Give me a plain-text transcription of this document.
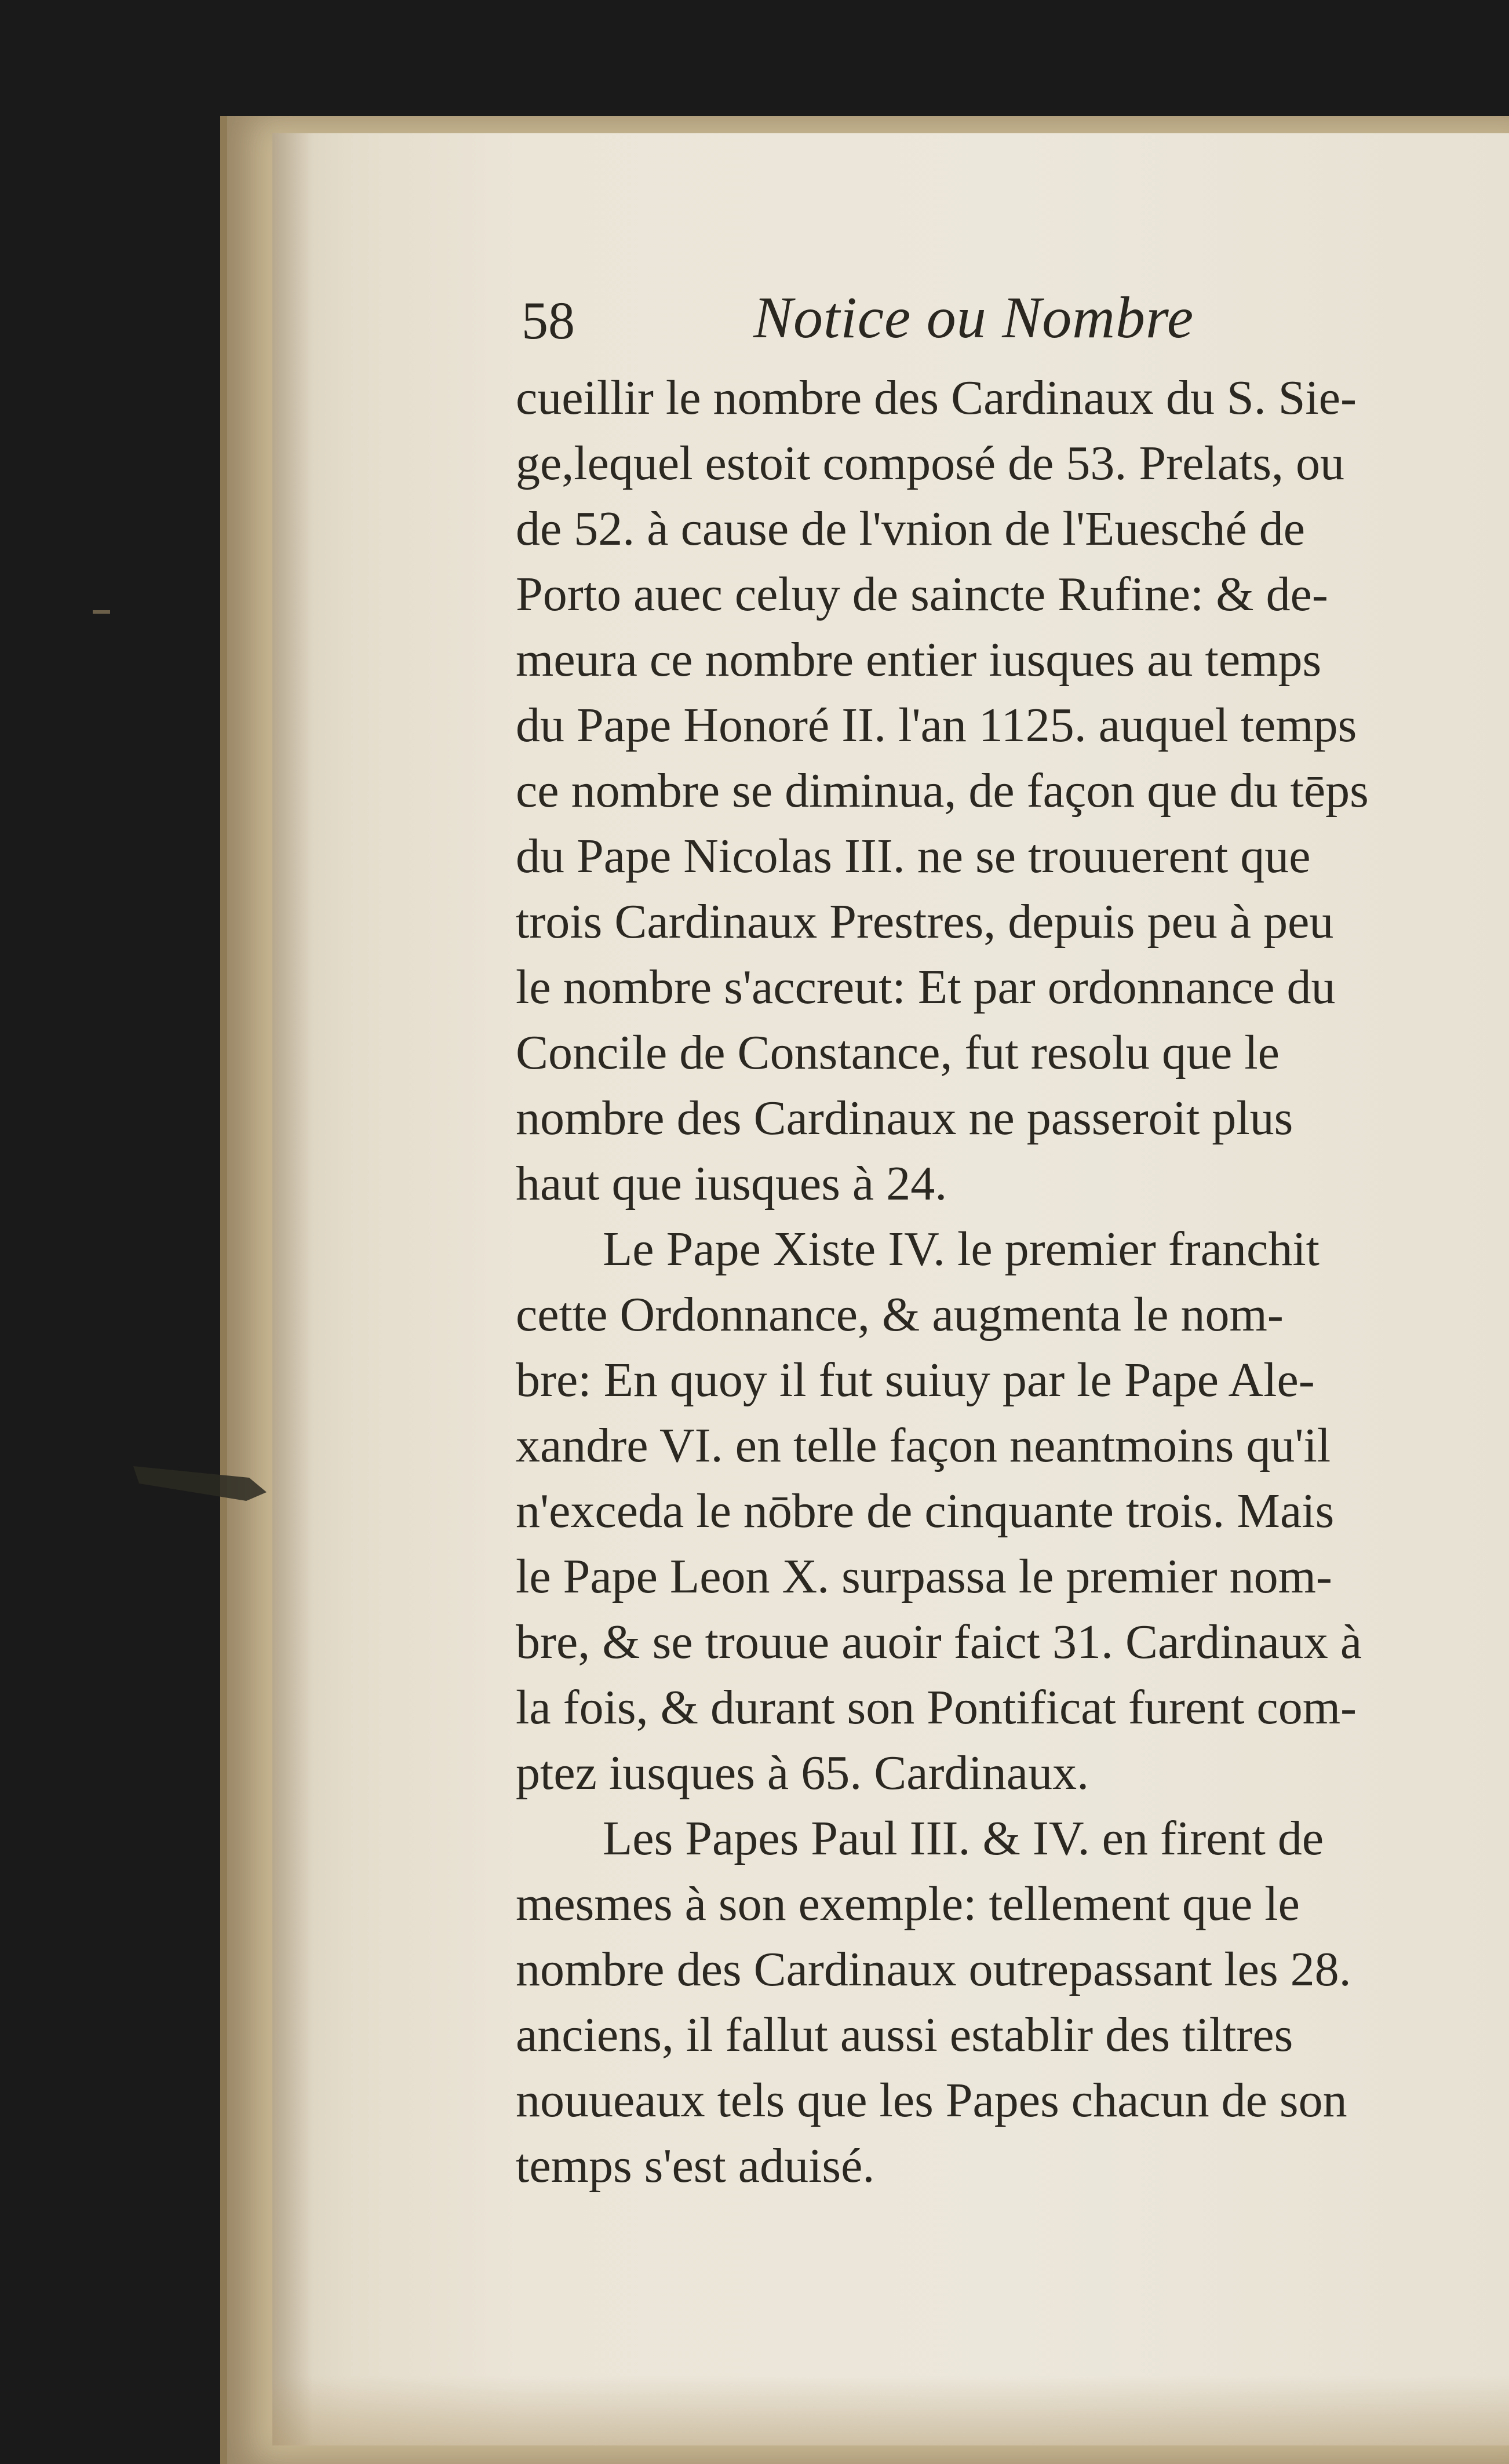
58	Notice ou Nombre
cueillir le nombre des Cardinaux du S. Sie-
ge,lequel estoit composé de 53. Prelats, ou
de 52. à cause de l'vnion de l'Euesché de
Porto auec celuy de saincte Rufine: & de-
meura ce nombre entier iusques au temps
du Pape Honoré II. l'an 1125. auquel temps
ce nombre se diminua, de façon que du tēps
du Pape Nicolas III. ne se trouuerent que
trois Cardinaux Prestres, depuis peu à peu
le nombre s'accreut: Et par ordonnance du
Concile de Constance, fut resolu que le
nombre des Cardinaux ne passeroit plus
haut que iusques à 24.
Le Pape Xiste IV. le premier franchit
cette Ordonnance, & augmenta le nom-
bre: En quoy il fut suiuy par le Pape Ale-
xandre VI. en telle façon neantmoins qu'il
n'exceda le nōbre de cinquante trois. Mais
le Pape Leon X. surpassa le premier nom-
bre, & se trouue auoir faict 31. Cardinaux à
la fois, & durant son Pontificat furent com-
ptez iusques à 65. Cardinaux.
Les Papes Paul III. & IV. en firent de
mesmes à son exemple: tellement que le
nombre des Cardinaux outrepassant les 28.
anciens, il fallut aussi establir des tiltres
nouueaux tels que les Papes chacun de son
temps s'est aduisé.
